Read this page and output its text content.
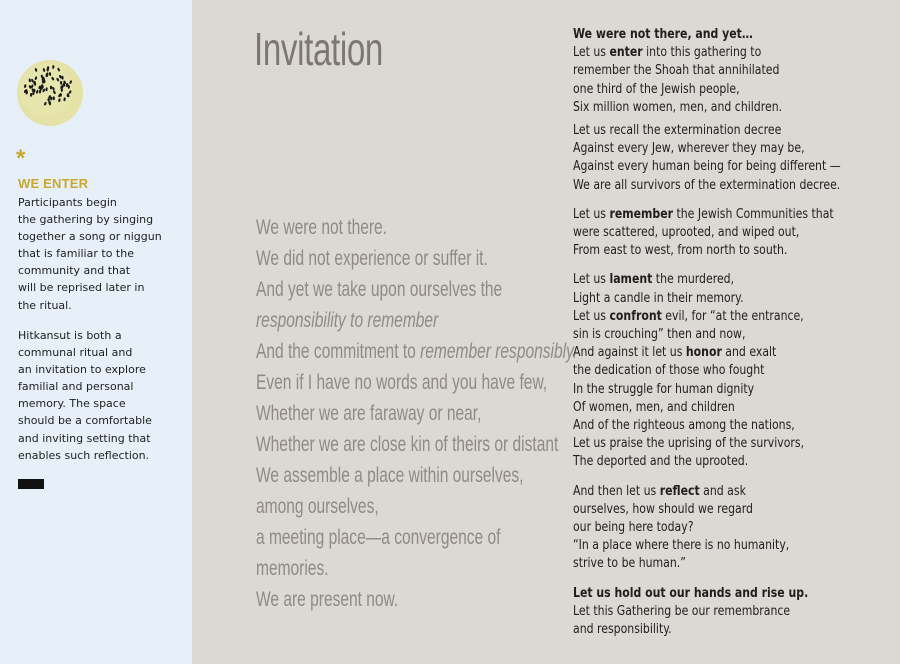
*
WE ENTER
Participants begin
the gathering by singing
together a song or niggun
that is familiar to the
community and that
will be reprised later in
the ritual.
Hitkansut is both a
communal ritual and
an invitation to explore
familial and personal
memory. The space
should be a comfortable
and inviting setting that
enables such reflection.
Invitation
We were not there.
We did not experience or suffer it.
And yet we take upon ourselves the
responsibility to remember
And the commitment to remember responsibly.
Even if I have no words and you have few,
Whether we are faraway or near,
Whether we are close kin of theirs or distant
We assemble a place within ourselves,
among ourselves,
a meeting place—a convergence of
memories.
We are present now.
We were not there, and yet…
Let us enter into this gathering to
remember the Shoah that annihilated
one third of the Jewish people,
Six million women, men, and children.
Let us recall the extermination decree
Against every Jew, wherever they may be,
Against every human being for being different —
We are all survivors of the extermination decree.
Let us remember the Jewish Communities that
were scattered, uprooted, and wiped out,
From east to west, from north to south.
Let us lament the murdered,
Light a candle in their memory.
Let us confront evil, for “at the entrance,
sin is crouching” then and now,
And against it let us honor and exalt
the dedication of those who fought
In the struggle for human dignity
Of women, men, and children
And of the righteous among the nations,
Let us praise the uprising of the survivors,
The deported and the uprooted.
And then let us reflect and ask
ourselves, how should we regard
our being here today?
“In a place where there is no humanity,
strive to be human.”
Let us hold out our hands and rise up.
Let this Gathering be our remembrance
and responsibility.
